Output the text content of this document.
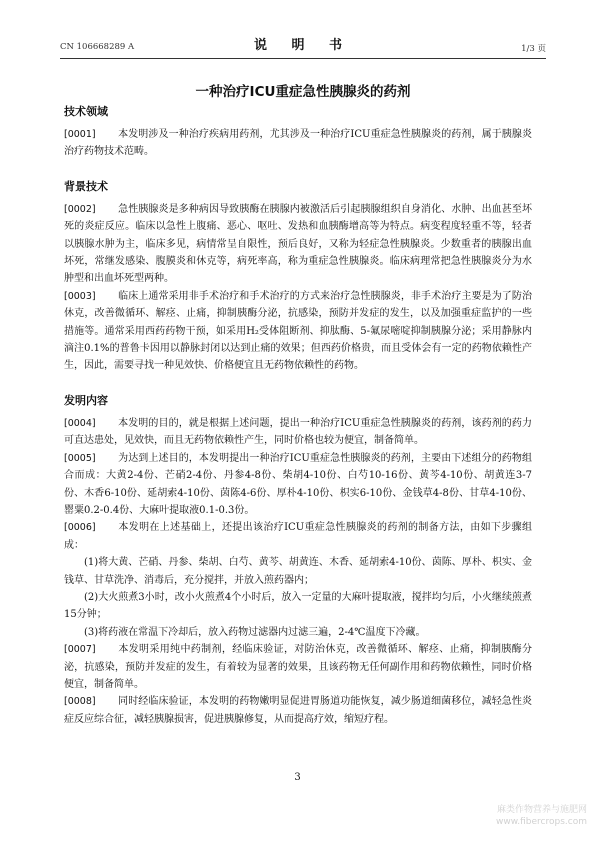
CN 106668289 A	说 明 书	1/3 页
一种治疗ICU重症急性胰腺炎的药剂
技术领域

[0001] 本发明涉及一种治疗疾病用药剂，尤其涉及一种治疗ICU重症急性胰腺炎的药剂，属于胰腺炎治疗药物技术范畴。

背景技术

[0002] 急性胰腺炎是多种病因导致胰酶在胰腺内被激活后引起胰腺组织自身消化、水肿、出血甚至坏死的炎症反应。临床以急性上腹痛、恶心、呕吐、发热和血胰酶增高等为特点。病变程度轻重不等，轻者以胰腺水肿为主，临床多见，病情常呈自限性，预后良好，又称为轻症急性胰腺炎。少数重者的胰腺出血坏死，常继发感染、腹膜炎和休克等，病死率高，称为重症急性胰腺炎。临床病理常把急性胰腺炎分为水肿型和出血坏死型两种。

[0003] 临床上通常采用非手术治疗和手术治疗的方式来治疗急性胰腺炎，非手术治疗主要是为了防治休克，改善微循环、解痉、止痛，抑制胰酶分泌，抗感染，预防并发症的发生，以及加强重症监护的一些措施等。通常采用西药药物干预，如采用H₂受体阻断剂、抑肽酶、5-氟尿嘧啶抑制胰腺分泌；采用静脉内滴注0.1%的普鲁卡因用以静脉封闭以达到止痛的效果；但西药价格贵，而且受体会有一定的药物依赖性产生，因此，需要寻找一种见效快、价格便宜且无药物依赖性的药物。

发明内容

[0004] 本发明的目的，就是根据上述问题，提出一种治疗ICU重症急性胰腺炎的药剂，该药剂的药力可直达患处，见效快，而且无药物依赖性产生，同时价格也较为便宜，制备简单。

[0005] 为达到上述目的，本发明提出一种治疗ICU重症急性胰腺炎的药剂，主要由下述组分的药物组合而成：大黄2-4份、芒硝2-4份、丹参4-8份、柴胡4-10份、白芍10-16份、黄芩4-10份、胡黄连3-7份、木香6-10份、延胡索4-10份、茵陈4-6份、厚朴4-10份、枳实6-10份、金钱草4-8份、甘草4-10份、罂粟0.2-0.4份、大麻叶提取液0.1-0.3份。

[0006] 本发明在上述基础上，还提出该治疗ICU重症急性胰腺炎的药剂的制备方法，由如下步骤组成：

(1)将大黄、芒硝、丹参、柴胡、白芍、黄芩、胡黄连、木香、延胡索4-10份、茵陈、厚朴、枳实、金钱草、甘草洗净、消毒后，充分搅拌，并放入煎药器内；

(2)大火煎煮3小时，改小火煎煮4个小时后，放入一定量的大麻叶提取液，搅拌均匀后，小火继续煎煮15分钟；

(3)将药液在常温下冷却后，放入药物过滤器内过滤三遍，2-4℃温度下冷藏。

[0007] 本发明采用纯中药制剂，经临床验证，对防治休克，改善微循环、解痉、止痛，抑制胰酶分泌，抗感染，预防并发症的发生，有着较为显著的效果，且该药物无任何副作用和药物依赖性，同时价格便宜，制备简单。

[0008] 同时经临床验证，本发明的药物嫩明显促进胃肠道功能恢复，减少肠道细菌移位，减轻急性炎症反应综合征，减轻胰腺损害，促进胰腺修复，从而提高疗效，缩短疗程。

3
麻类作物营养与施肥网
www.fibercrops.com
